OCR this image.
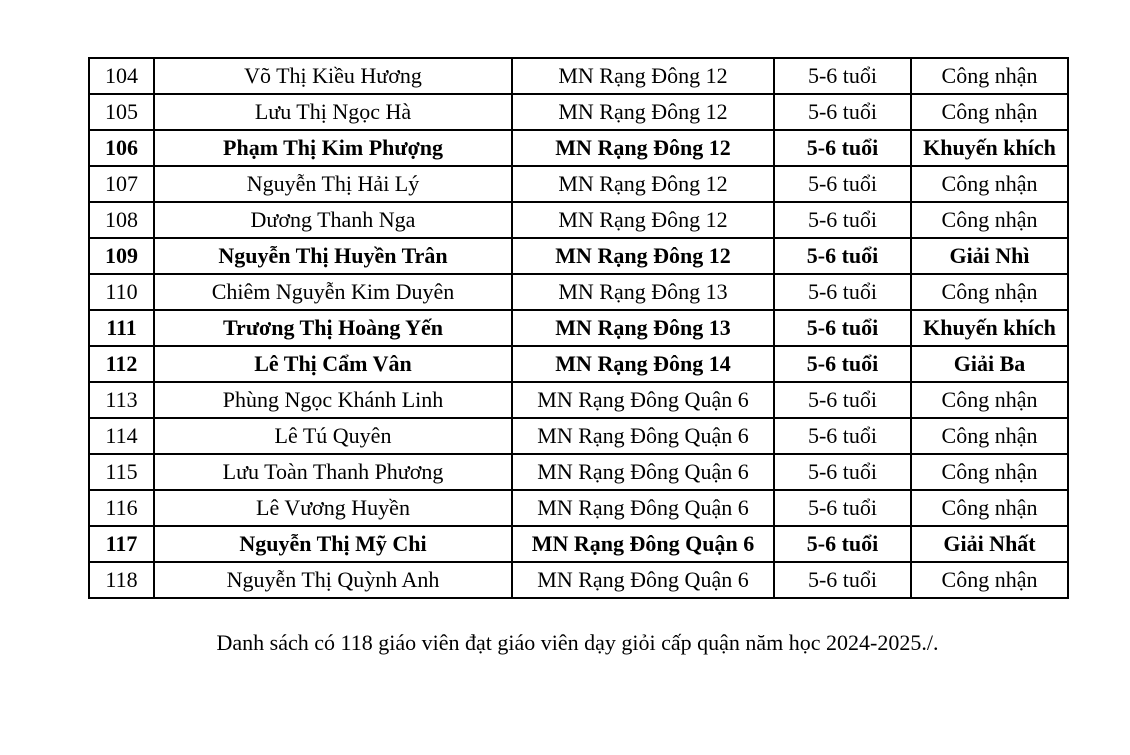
104	Võ Thị Kiều Hương	MN Rạng Đông 12	5-6 tuổi	Công nhận
105	Lưu Thị Ngọc Hà	MN Rạng Đông 12	5-6 tuổi	Công nhận
106	Phạm Thị Kim Phượng	MN Rạng Đông 12	5-6 tuổi	Khuyến khích
107	Nguyễn Thị Hải Lý	MN Rạng Đông 12	5-6 tuổi	Công nhận
108	Dương Thanh Nga	MN Rạng Đông 12	5-6 tuổi	Công nhận
109	Nguyễn Thị Huyền Trân	MN Rạng Đông 12	5-6 tuổi	Giải Nhì
110	Chiêm Nguyễn Kim Duyên	MN Rạng Đông 13	5-6 tuổi	Công nhận
111	Trương Thị Hoàng Yến	MN Rạng Đông 13	5-6 tuổi	Khuyến khích
112	Lê Thị Cẩm Vân	MN Rạng Đông 14	5-6 tuổi	Giải Ba
113	Phùng Ngọc Khánh Linh	MN Rạng Đông Quận 6	5-6 tuổi	Công nhận
114	Lê Tú Quyên	MN Rạng Đông Quận 6	5-6 tuổi	Công nhận
115	Lưu Toàn Thanh Phương	MN Rạng Đông Quận 6	5-6 tuổi	Công nhận
116	Lê Vương Huyền	MN Rạng Đông Quận 6	5-6 tuổi	Công nhận
117	Nguyễn Thị Mỹ Chi	MN Rạng Đông Quận 6	5-6 tuổi	Giải Nhất
118	Nguyễn Thị Quỳnh Anh	MN Rạng Đông Quận 6	5-6 tuổi	Công nhận
Danh sách có 118 giáo viên đạt giáo viên dạy giỏi cấp quận năm học 2024-2025./.
